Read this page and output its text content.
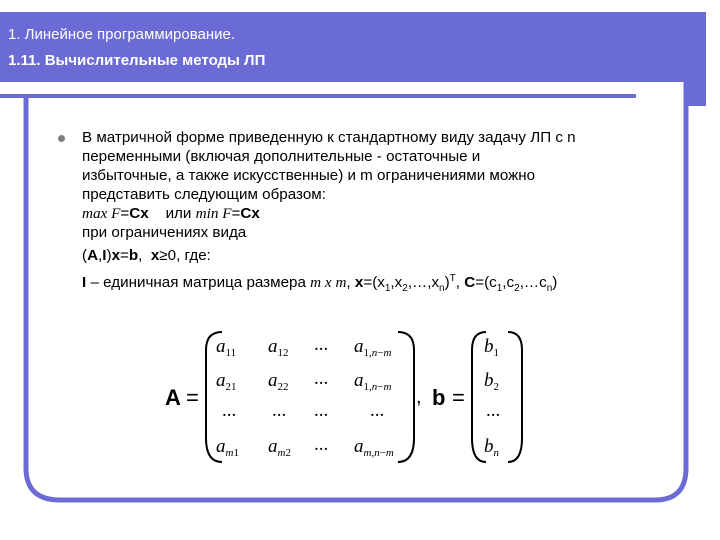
1. Линейное программирование.
1.11. Вычислительные методы ЛП
В матричной форме приведенную к стандартному виду задачу ЛП с n
переменными (включая дополнительные - остаточные и
избыточные, а также искусственные) и m ограничениями можно
представить следующим образом:
max F=Cx или min F=Cx
при ограничениях вида
(A,I)x=b,  x≥0, где:
I – единичная матрица размера m x m, $x=(x_1,x_2,\dots,x_n)^T$, $C=(c_1,c_2,\dots c_n)$
A =
$a_{11}$ $a_{12}$ ... $a_{1,}n-m$
$a_{21}$ $a_{22}$ ... $a_{1,}n-m$
... ... ... ...
$a_m1$ $a_m2$ ... $a_{m,n}-m$
, b =
$b_1$
$b_2$
...
$b_n$
